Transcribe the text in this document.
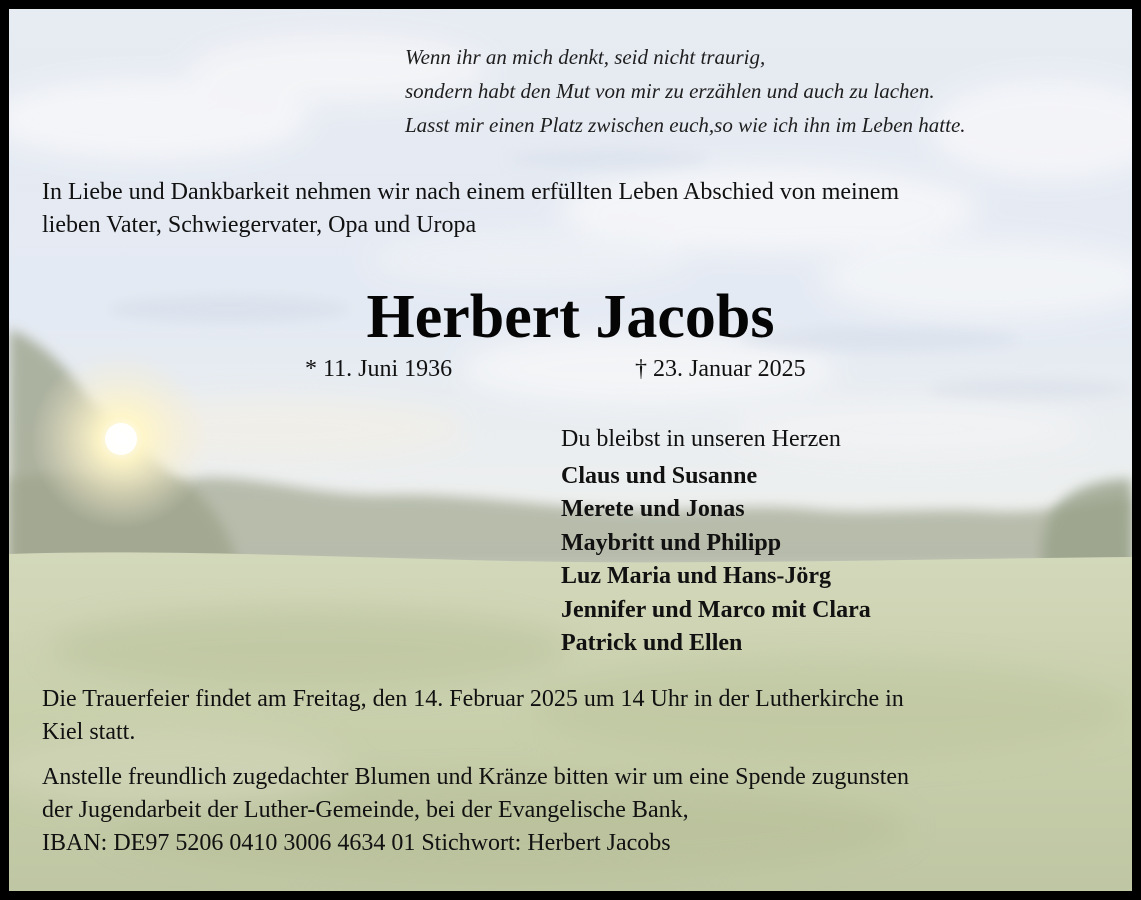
Wenn ihr an mich denkt, seid nicht traurig,
sondern habt den Mut von mir zu erzählen und auch zu lachen.
Lasst mir einen Platz zwischen euch,so wie ich ihn im Leben hatte.
In Liebe und Dankbarkeit nehmen wir nach einem erfüllten Leben Abschied von meinem
lieben Vater, Schwiegervater, Opa und Uropa
Herbert Jacobs
* 11. Juni 1936	† 23. Januar 2025
Du bleibst in unseren Herzen
Claus und Susanne
Merete und Jonas
Maybritt und Philipp
Luz Maria und Hans-Jörg
Jennifer und Marco mit Clara
Patrick und Ellen
Die Trauerfeier findet am Freitag, den 14. Februar 2025 um 14 Uhr in der Lutherkirche in
Kiel statt.
Anstelle freundlich zugedachter Blumen und Kränze bitten wir um eine Spende zugunsten
der Jugendarbeit der Luther-Gemeinde, bei der Evangelische Bank,
IBAN: DE97 5206 0410 3006 4634 01 Stichwort: Herbert Jacobs
